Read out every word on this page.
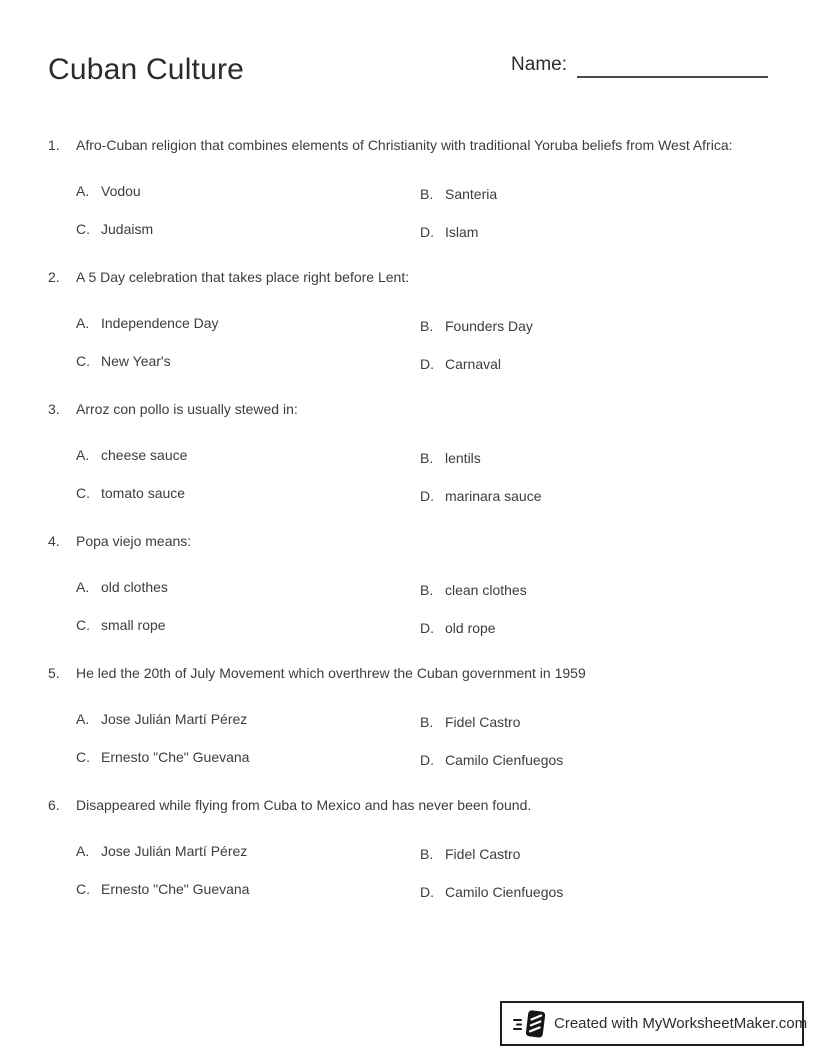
Cuban Culture	Name:
1.	Afro-Cuban religion that combines elements of Christianity with traditional Yoruba beliefs from West Africa:
A. Vodou	B. Santeria
C. Judaism	D. Islam
2.	A 5 Day celebration that takes place right before Lent:
A. Independence Day	B. Founders Day
C. New Year's	D. Carnaval
3.	Arroz con pollo is usually stewed in:
A. cheese sauce	B. lentils
C. tomato sauce	D. marinara sauce
4.	Popa viejo means:
A. old clothes	B. clean clothes
C. small rope	D. old rope
5.	He led the 20th of July Movement which overthrew the Cuban government in 1959
A. Jose Julián Martí Pérez	B. Fidel Castro
C. Ernesto "Che" Guevana	D. Camilo Cienfuegos
6.	Disappeared while flying from Cuba to Mexico and has never been found.
A. Jose Julián Martí Pérez	B. Fidel Castro
C. Ernesto "Che" Guevana	D. Camilo Cienfuegos
Created with MyWorksheetMaker.com
